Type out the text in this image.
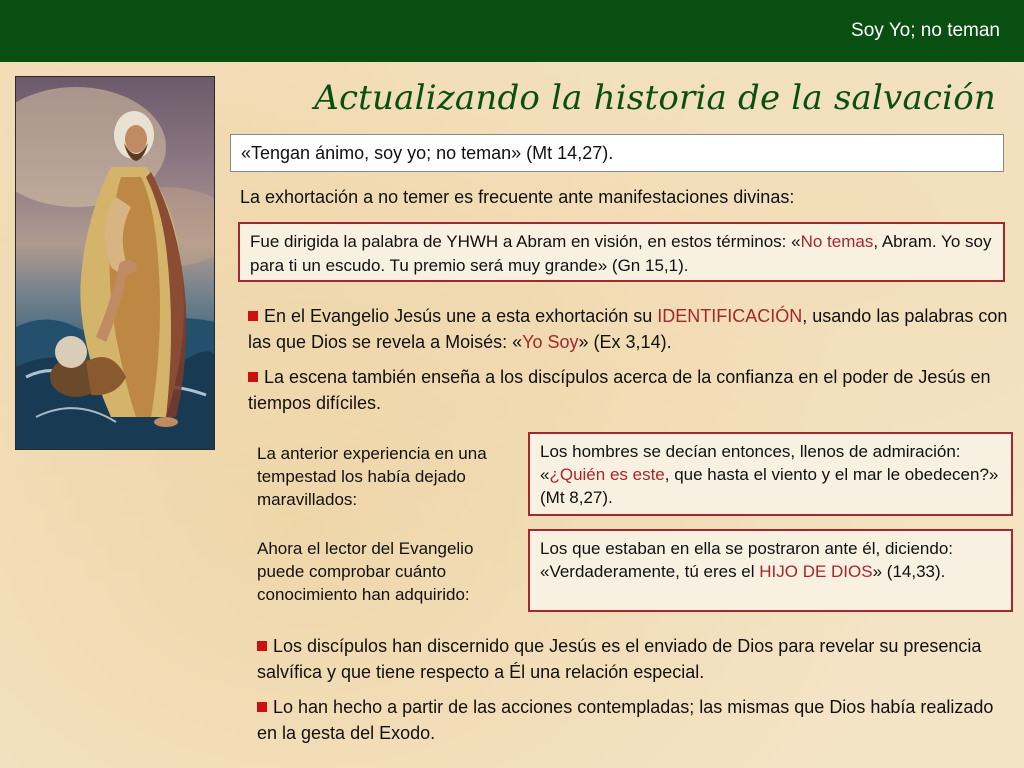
Soy Yo; no teman
Actualizando la historia de la salvación
«Tengan ánimo, soy yo; no teman» (Mt 14,27).
La exhortación a no temer es frecuente ante manifestaciones divinas:
Fue dirigida la palabra de YHWH a Abram en visión, en estos términos: «No temas, Abram. Yo soy para ti un escudo. Tu premio será muy grande» (Gn 15,1).
En el Evangelio Jesús une a esta exhortación su IDENTIFICACIÓN, usando las palabras con las que Dios se revela a Moisés: «Yo Soy» (Ex 3,14).
La escena también enseña a los discípulos acerca de la confianza en el poder de Jesús en tiempos difíciles.
La anterior experiencia en una tempestad los había dejado maravillados:
Los hombres se decían entonces, llenos de admiración: «¿Quién es este, que hasta el viento y el mar le obedecen?» (Mt 8,27).
Ahora el lector del Evangelio puede comprobar cuánto conocimiento han adquirido:
Los que estaban en ella se postraron ante él, diciendo: «Verdaderamente, tú eres el HIJO DE DIOS» (14,33).
Los discípulos han discernido que Jesús es el enviado de Dios para revelar su presencia salvífica y que tiene respecto a Él una relación especial.
Lo han hecho a partir de las acciones contempladas; las mismas que Dios había realizado en la gesta del Exodo.
